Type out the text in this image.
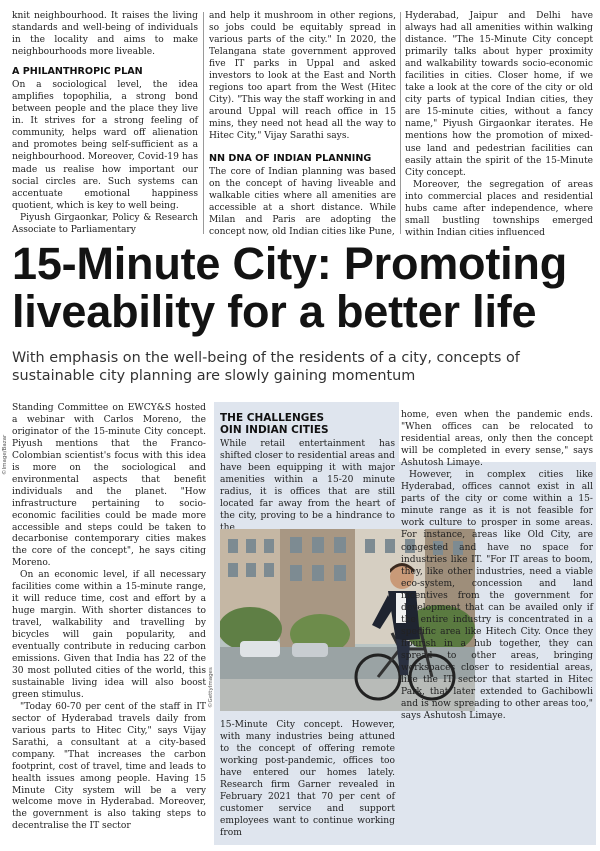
knit neighbourhood. It raises the living standards and well-being of individuals in the locality and aims to make neighbourhoods more liveable.

A PHILANTHROPIC PLAN

On a sociological level, the idea amplifies topophilia, a strong bond between people and the place they live in. It strives for a strong feeling of community, helps ward off alienation and promotes being self-sufficient as a neighbourhood. Moreover, Covid-19 has made us realise how important our social circles are. Such systems can accentuate emotional happiness quotient, which is key to well being.

Piyush Girgaonkar, Policy & Research Associate to Parliamentary

and help it mushroom in other regions, so jobs could be equitably spread in various parts of the city." In 2020, the Telangana state government approved five IT parks in Uppal and asked investors to look at the East and North regions too apart from the West (Hitec City). "This way the staff working in and around Uppal will reach office in 15 mins, they need not head all the way to Hitec City," Vijay Sarathi says.

NN DNA OF INDIAN PLANNING

The core of Indian planning was based on the concept of having liveable and walkable cities where all amenities are accessible at a short distance. While Milan and Paris are adopting the concept now, old Indian cities like Pune,

Hyderabad, Jaipur and Delhi have always had all amenities within walking distance. "The 15-Minute City concept primarily talks about hyper proximity and walkability towards socio-economic facilities in cities. Closer home, if we take a look at the core of the city or old city parts of typical Indian cities, they are 15-minute cities, without a fancy name," Piyush Girgaonkar iterates. He mentions how the promotion of mixed-use land and pedestrian facilities can easily attain the spirit of the 15-Minute City concept.

Moreover, the segregation of areas into commercial places and residential hubs came after independence, where small bustling townships emerged within Indian cities influenced

15-Minute City: Promoting
liveability for a better life
With emphasis on the well-being of the residents of a city, concepts of sustainable city planning are slowly gaining momentum

Standing Committee on EWCY&S hosted a webinar with Carlos Moreno, the originator of the 15-minute City concept. Piyush mentions that the Franco-Colombian scientist's focus with this idea is more on the sociological and environmental aspects that benefit individuals and the planet. "How infrastructure pertaining to socio-economic facilities could be made more accessible and steps could be taken to decarbonise contemporary cities makes the core of the concept", he says citing Moreno.

On an economic level, if all necessary facilities come within a 15-minute range, it will reduce time, cost and effort by a huge margin. With shorter distances to travel, walkability and travelling by bicycles will gain popularity, and eventually contribute in reducing carbon emissions. Given that India has 22 of the 30 most polluted cities of the world, this sustainable living idea will also boost green stimulus.

"Today 60-70 per cent of the staff in IT sector of Hyderabad travels daily from various parts to Hitec City," says Vijay Sarathi, a consultant at a city-based company. "That increases the carbon footprint, cost of travel, time and leads to health issues among people. Having 15 Minute City system will be a very welcome move in Hyderabad. Moreover, the government is also taking steps to decentralise the IT sector

©Image/Bazar
THE CHALLENGES
OIN INDIAN CITIES

While retail entertainment has shifted closer to residential areas and have been equipping it with major amenities within a 15-20 minute radius, it is offices that are still located far away from the heart of the city, proving to be a hindrance to

©GettyImages

15-Minute City concept. However, with many industries being attuned to the concept of offering remote working post-pandemic, offices too have entered our homes lately. Research firm Garner revealed in February 2021 that 70 per cent of customer service and support employees want to continue working from

home, even when the pandemic ends. "When offices can be relocated to residential areas, only then the concept will be completed in every sense," says Ashutosh Limaye.

However, in complex cities like Hyderabad, offices cannot exist in all parts of the city or come within a 15-minute range as it is not feasible for work culture to prosper in some areas. For instance, areas like Old City, are congested and have no space for industries like IT. "For IT areas to boom, they, like other industries, need a viable eco-system, concession and land incentives from the government for development that can be availed only if the entire industry is concentrated in a specific area like Hitech City. Once they flourish in a hub together, they can spread to other areas, bringing workspaces closer to residential areas, like the IT sector that started in Hitec Park, that later extended to Gachibowli and is now spreading to other areas too," says Ashutosh Limaye.
